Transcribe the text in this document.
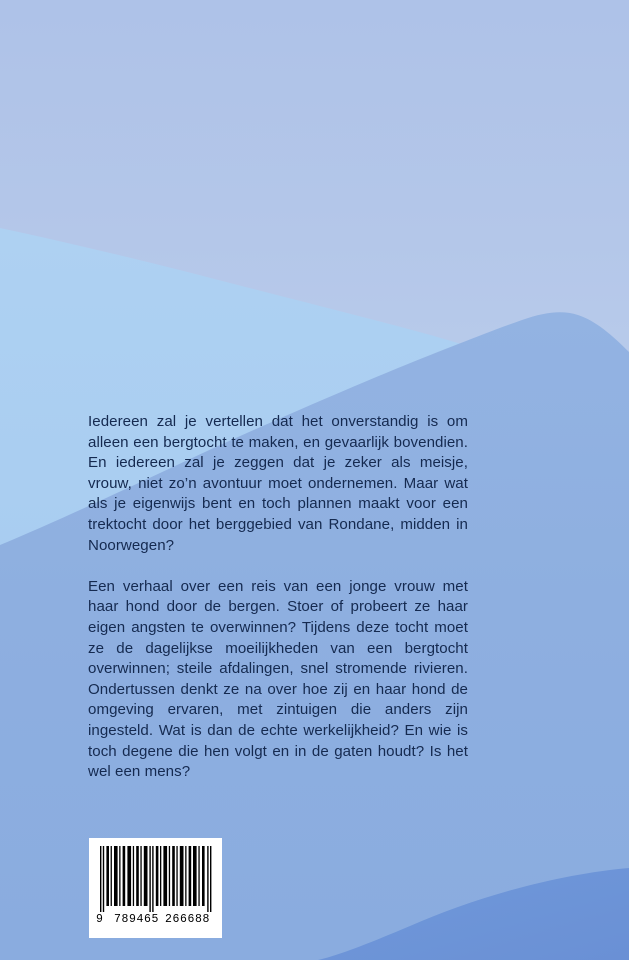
Iedereen zal je vertellen dat het onverstandig is om alleen een bergtocht te maken, en gevaarlijk bovendien. En iedereen zal je zeggen dat je zeker als meisje, vrouw, niet zo’n avontuur moet ondernemen. Maar wat als je eigenwijs bent en toch plannen maakt voor een trektocht door het berggebied van Rondane, midden in Noorwegen?

Een verhaal over een reis van een jonge vrouw met haar hond door de bergen. Stoer of probeert ze haar eigen angsten te overwinnen? Tijdens deze tocht moet ze de dagelijkse moeilijkheden van een bergtocht overwinnen; steile afdalingen, snel stromende rivieren. Ondertussen denkt ze na over hoe zij en haar hond de omgeving ervaren, met zintuigen die anders zijn ingesteld. Wat is dan de echte werkelijkheid? En wie is toch degene die hen volgt en in de gaten houdt? Is het wel een mens?

9 789465 266688
